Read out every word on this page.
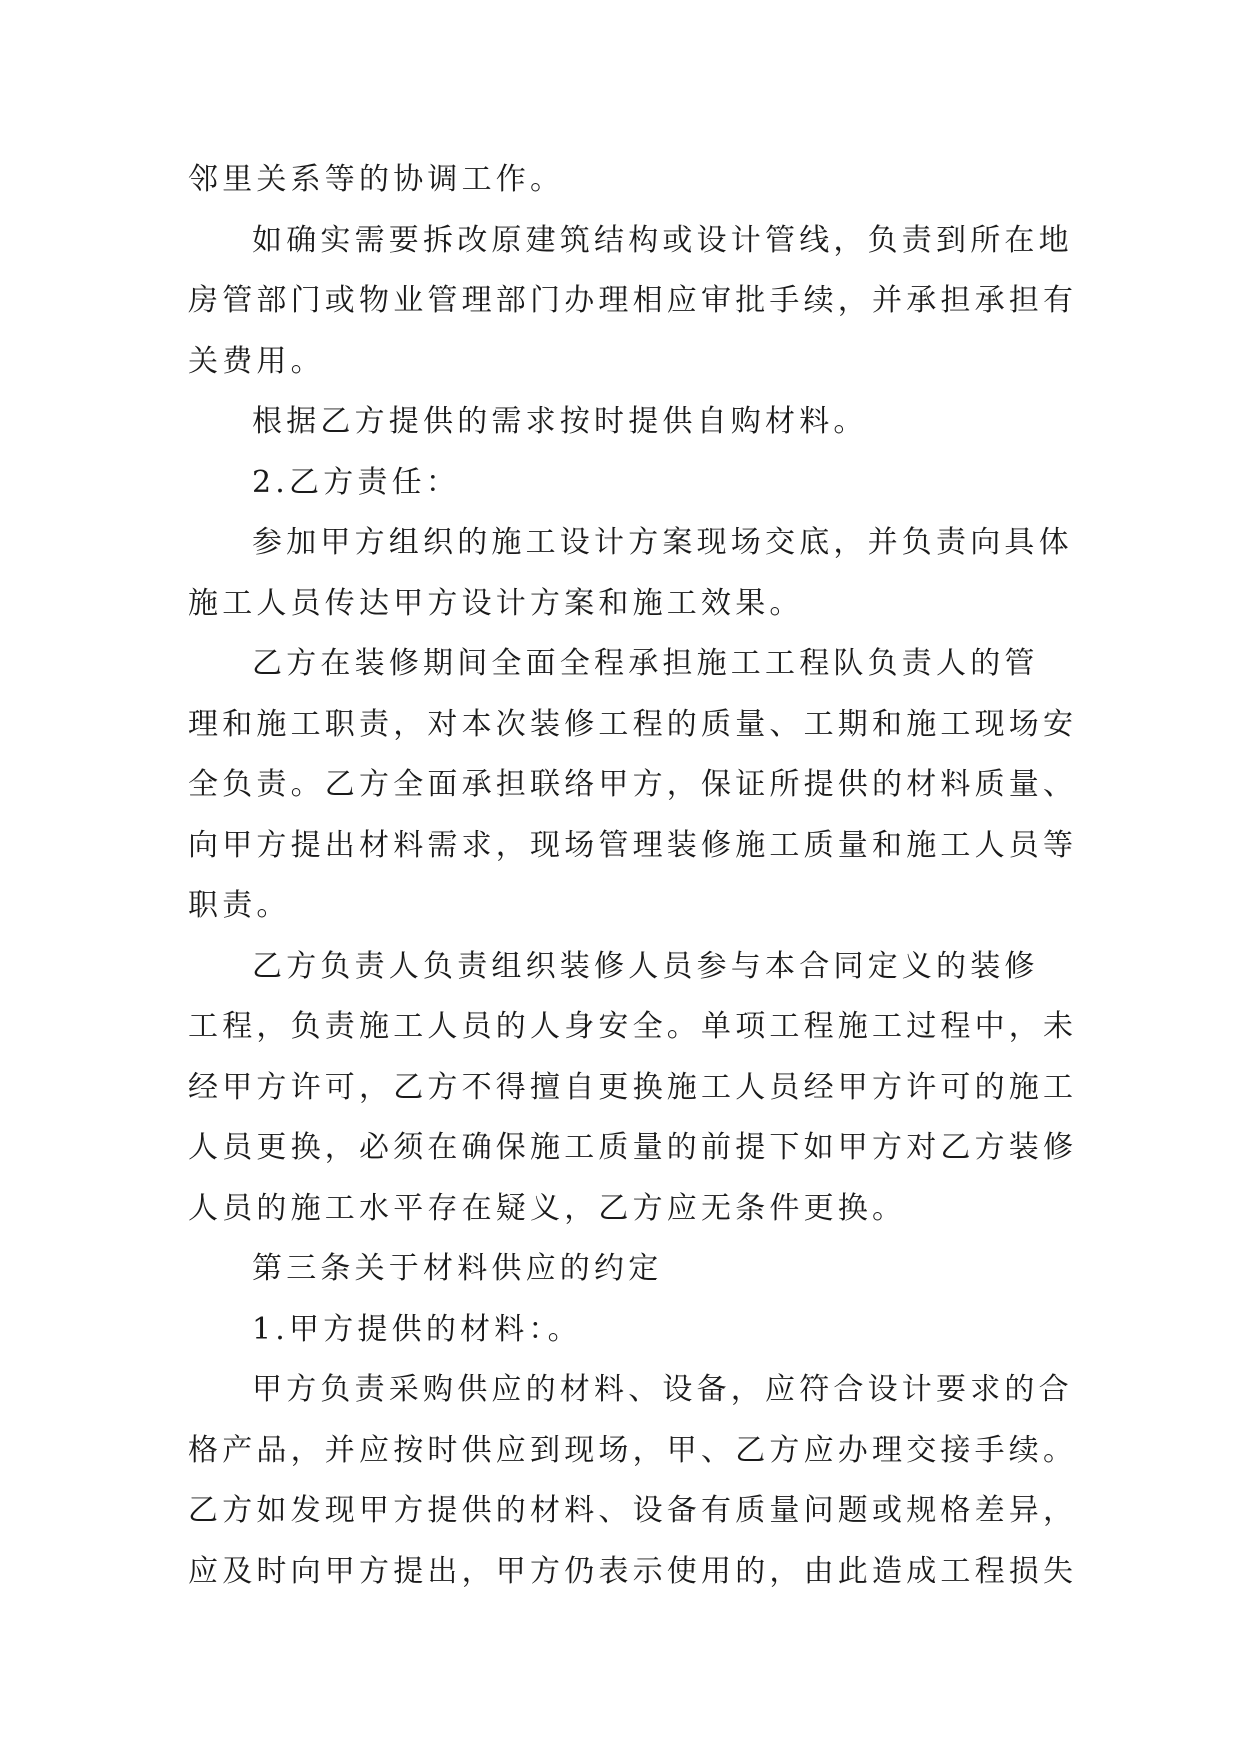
邻里关系等的协调工作。

如确实需要拆改原建筑结构或设计管线，负责到所在地
房管部门或物业管理部门办理相应审批手续，并承担承担有
关费用。

根据乙方提供的需求按时提供自购材料。

2.乙方责任：

参加甲方组织的施工设计方案现场交底，并负责向具体
施工人员传达甲方设计方案和施工效果。

乙方在装修期间全面全程承担施工工程队负责人的管
理和施工职责，对本次装修工程的质量、工期和施工现场安
全负责。乙方全面承担联络甲方，保证所提供的材料质量、
向甲方提出材料需求，现场管理装修施工质量和施工人员等
职责。

乙方负责人负责组织装修人员参与本合同定义的装修
工程，负责施工人员的人身安全。单项工程施工过程中，未
经甲方许可，乙方不得擅自更换施工人员经甲方许可的施工
人员更换，必须在确保施工质量的前提下如甲方对乙方装修
人员的施工水平存在疑义，乙方应无条件更换。

第三条关于材料供应的约定

1.甲方提供的材料：。

甲方负责采购供应的材料、设备，应符合设计要求的合
格产品，并应按时供应到现场，甲、乙方应办理交接手续。
乙方如发现甲方提供的材料、设备有质量问题或规格差异，
应及时向甲方提出，甲方仍表示使用的，由此造成工程损失
